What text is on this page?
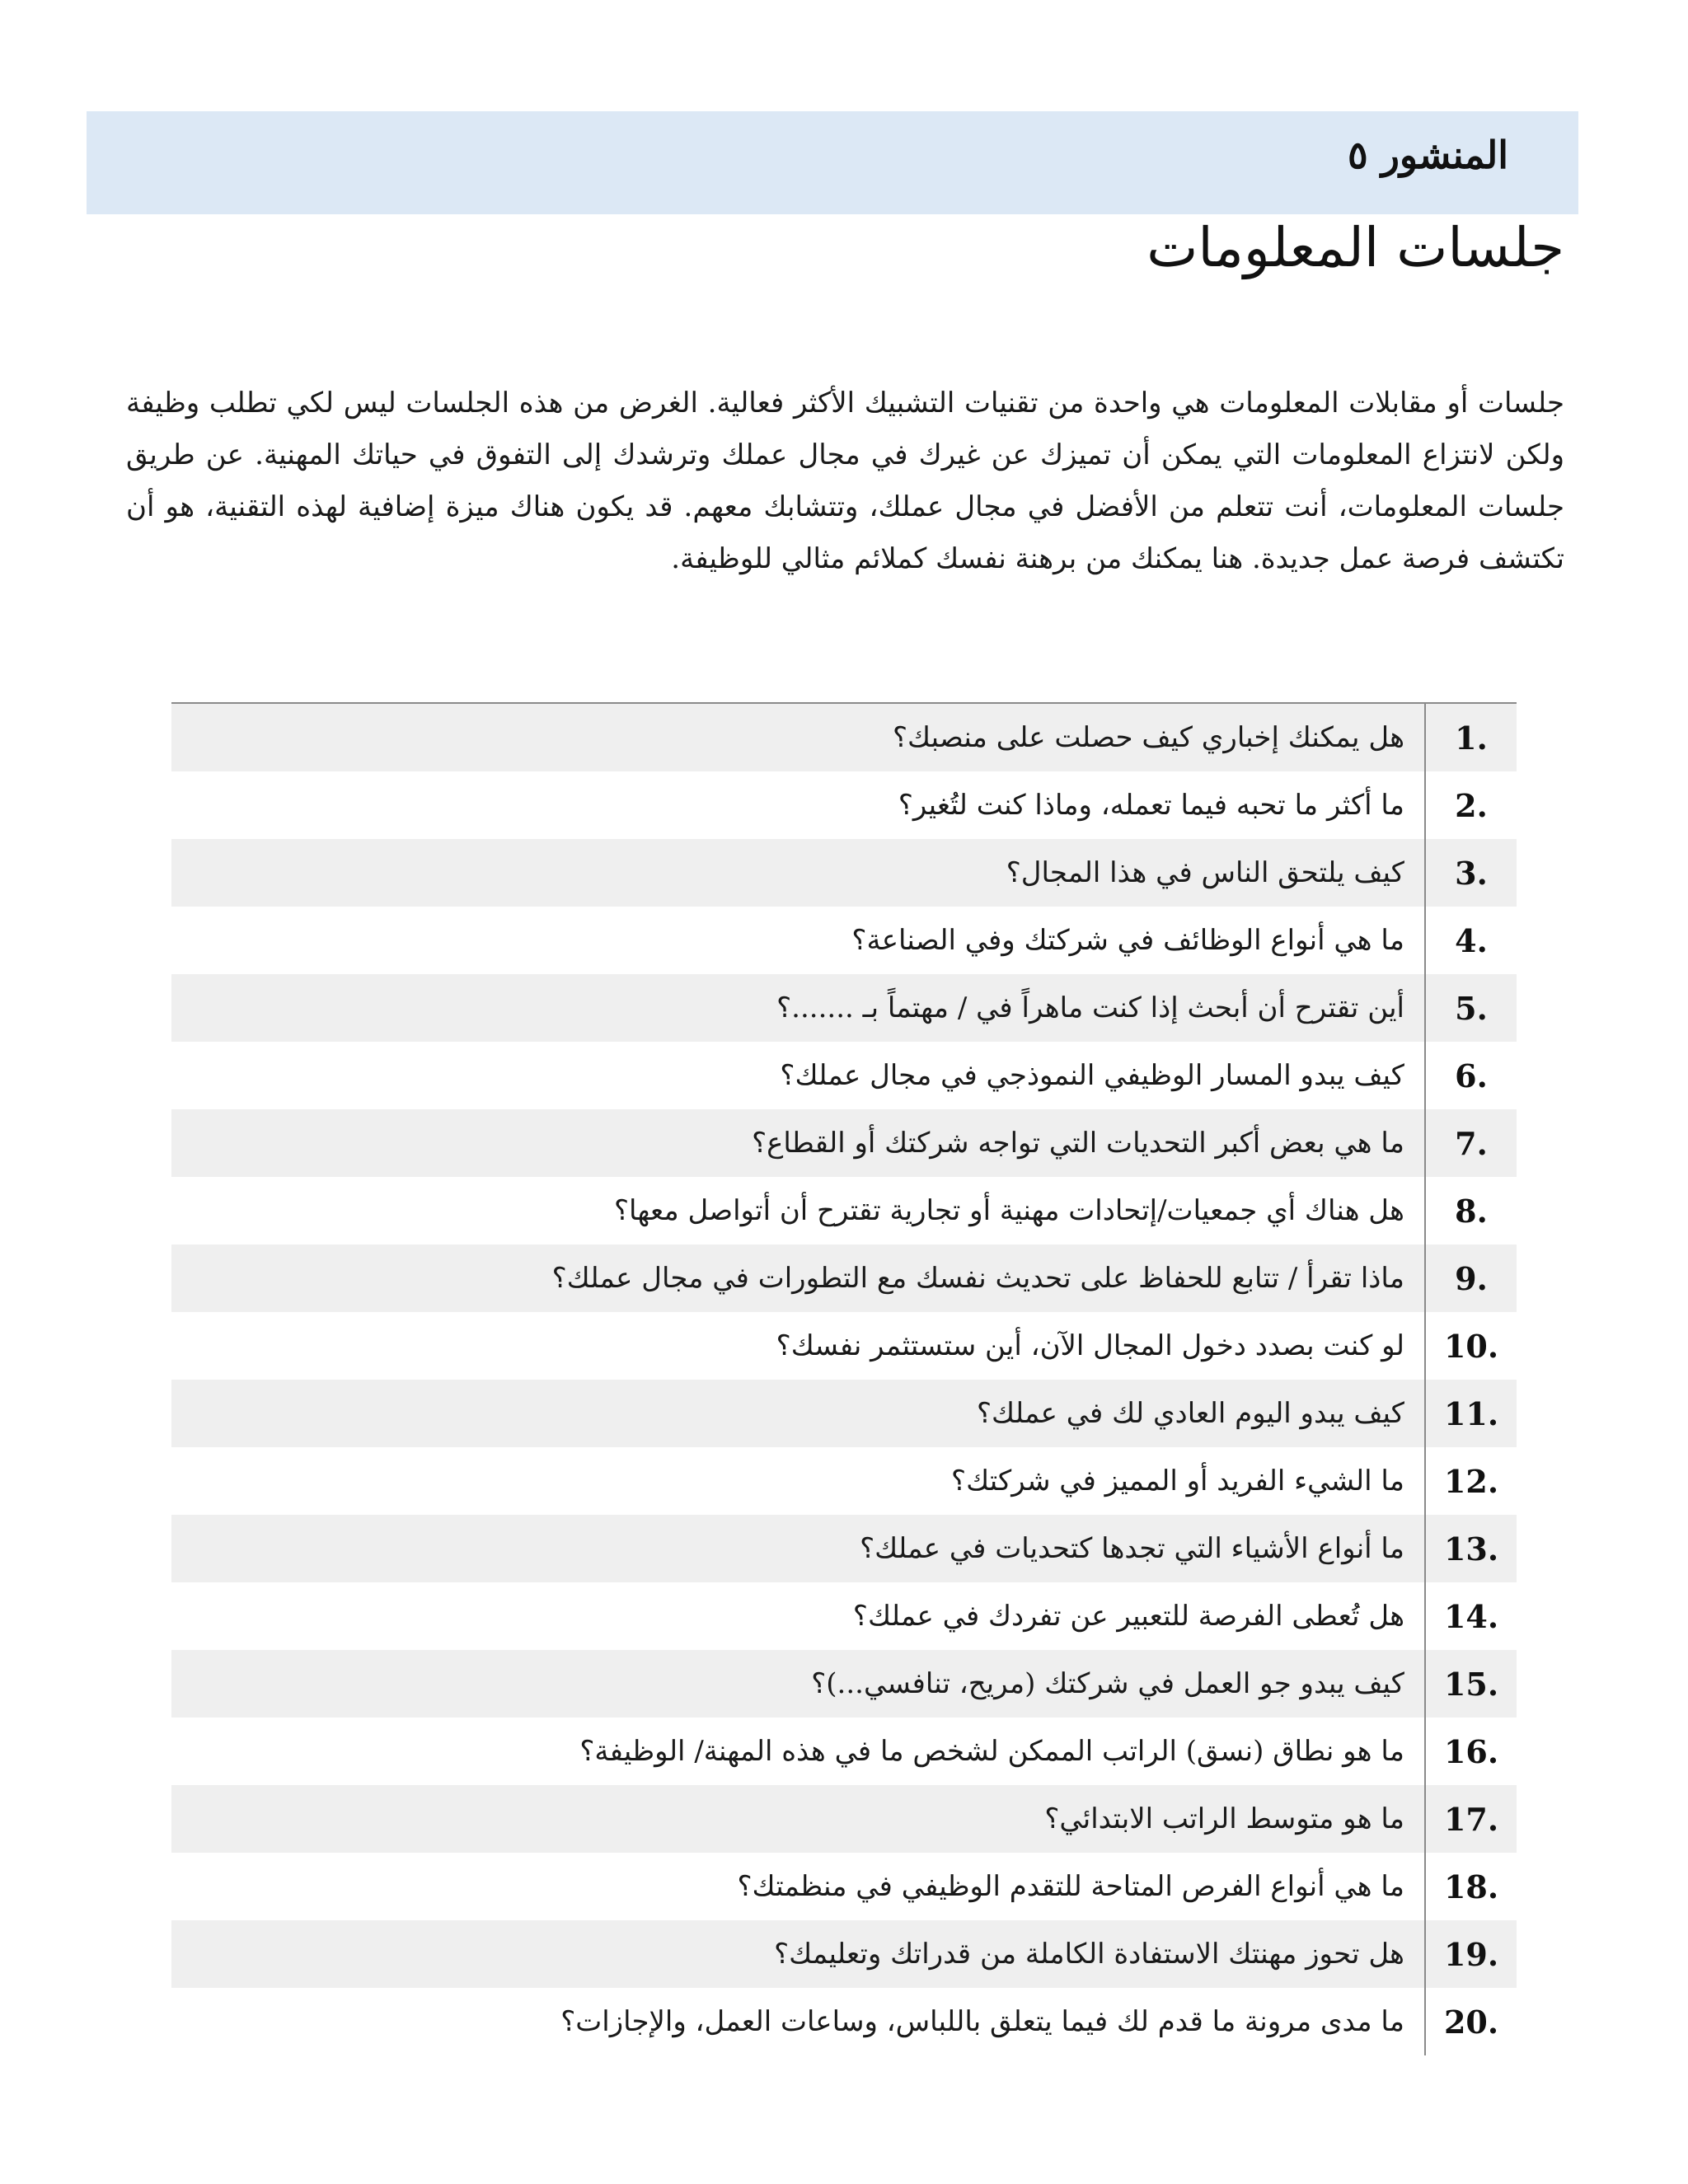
المنشور ٥
جلسات المعلومات

جلسات أو مقابلات المعلومات هي واحدة من تقنيات التشبيك الأكثر فعالية. الغرض من هذه الجلسات ليس لكي تطلب وظيفة ولكن لانتزاع المعلومات التي يمكن أن تميزك عن غيرك في مجال عملك وترشدك إلى التفوق في حياتك المهنية. عن طريق جلسات المعلومات، أنت تتعلم من الأفضل في مجال عملك، وتتشابك معهم. قد يكون هناك ميزة إضافية لهذه التقنية، هو أن تكتشف فرصة عمل جديدة. هنا يمكنك من برهنة نفسك كملائم مثالي للوظيفة.

1.
هل يمكنك إخباري كيف حصلت على منصبك؟
2.
ما أكثر ما تحبه فيما تعمله، وماذا كنت لتُغير؟
3.
كيف يلتحق الناس في هذا المجال؟
4.
ما هي أنواع الوظائف في شركتك وفي الصناعة؟
5.
أين تقترح أن أبحث إذا كنت ماهراً في / مهتماً بـ .......؟
6.
كيف يبدو المسار الوظيفي النموذجي في مجال عملك؟
7.
ما هي بعض أكبر التحديات التي تواجه شركتك أو القطاع؟
8.
هل هناك أي جمعيات/إتحادات مهنية أو تجارية تقترح أن أتواصل معها؟
9.
ماذا تقرأ / تتابع للحفاظ على تحديث نفسك مع التطورات في مجال عملك؟
10.
لو كنت بصدد دخول المجال الآن، أين ستستثمر نفسك؟
11.
كيف يبدو اليوم العادي لك في عملك؟
12.
ما الشيء الفريد أو المميز في شركتك؟
13.
ما أنواع الأشياء التي تجدها كتحديات في عملك؟
14.
هل تُعطى الفرصة للتعبير عن تفردك في عملك؟
15.
كيف يبدو جو العمل في شركتك (مريح، تنافسي...)؟
16.
ما هو نطاق (نسق) الراتب الممكن لشخص ما في هذه المهنة/ الوظيفة؟
17.
ما هو متوسط الراتب الابتدائي؟
18.
ما هي أنواع الفرص المتاحة للتقدم الوظيفي في منظمتك؟
19.
هل تحوز مهنتك الاستفادة الكاملة من قدراتك وتعليمك؟
20.
ما مدى مرونة ما قدم لك فيما يتعلق باللباس، وساعات العمل، والإجازات؟
